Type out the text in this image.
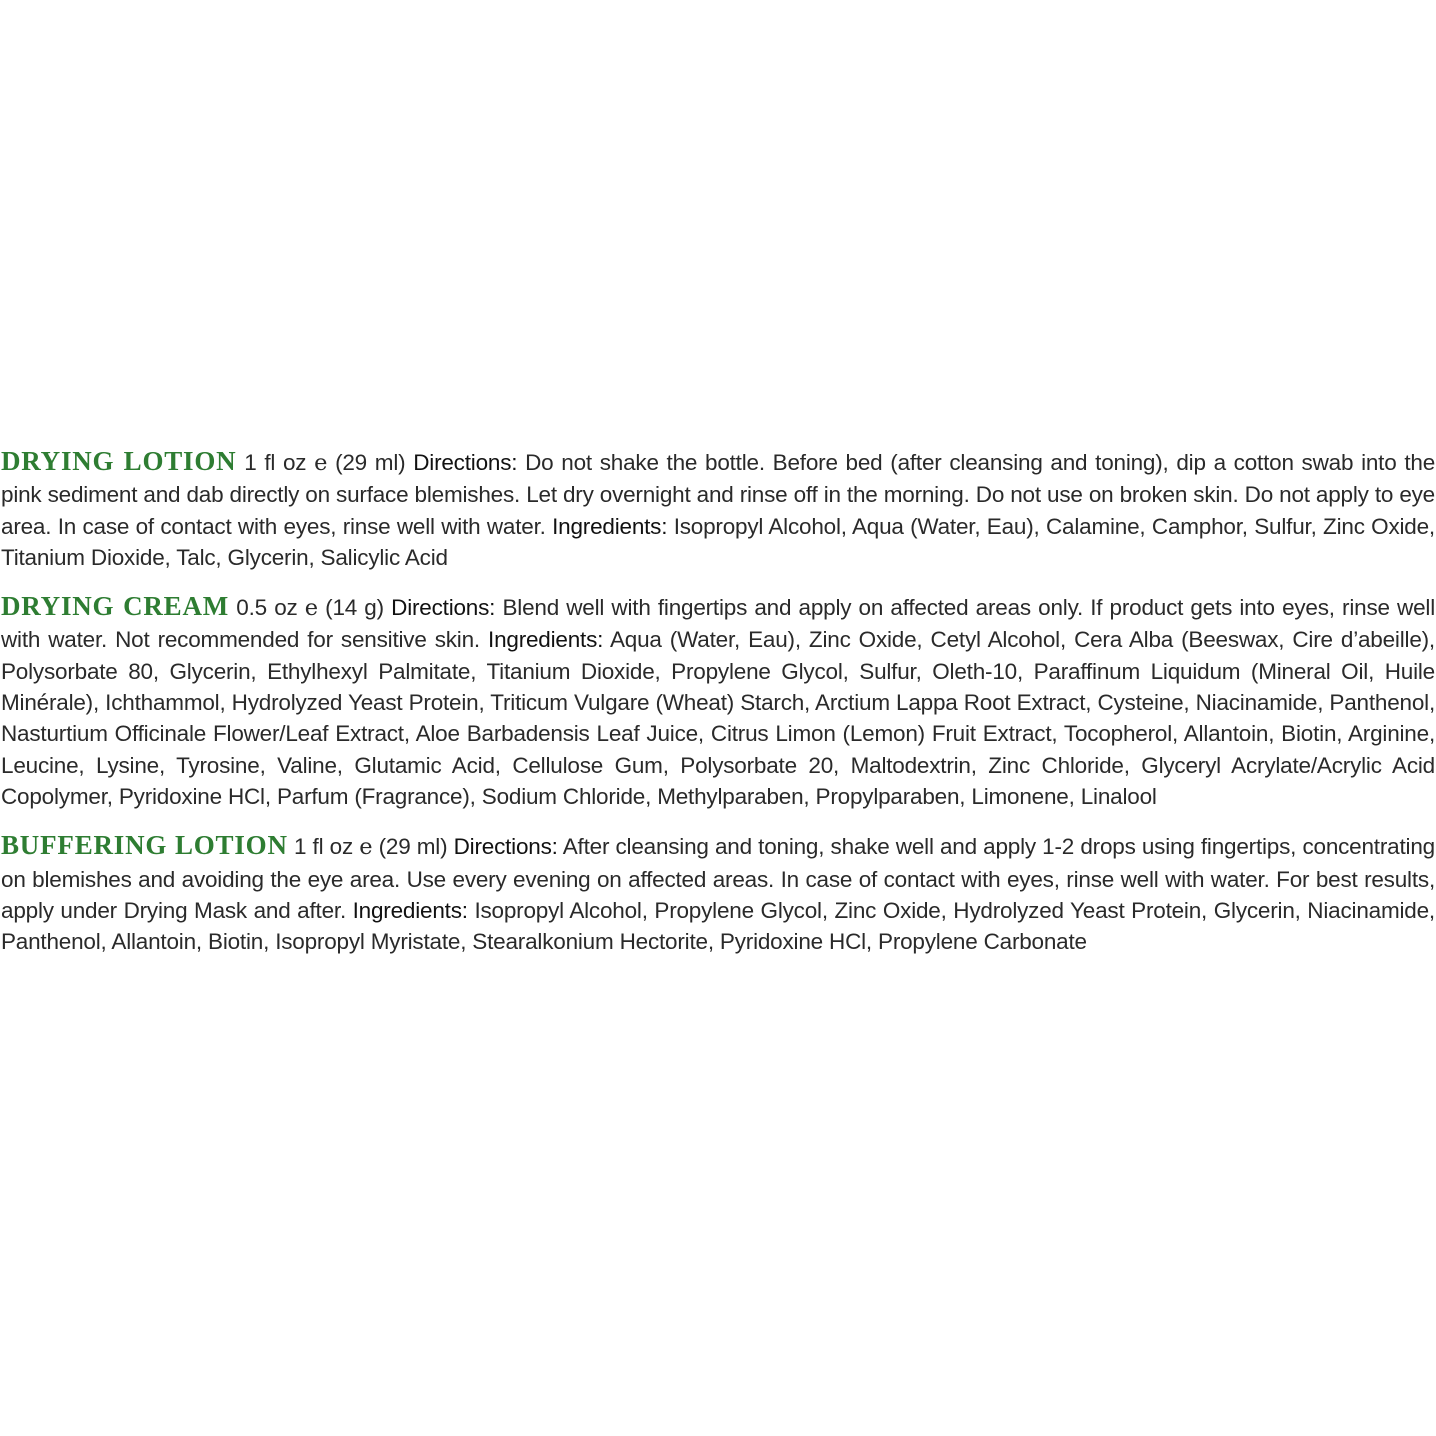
DRYING LOTION 1 fl oz e (29 ml) Directions: Do not shake the bottle. Before bed (after cleansing and toning), dip a cotton swab into the pink sediment and dab directly on surface blemishes. Let dry overnight and rinse off in the morning. Do not use on broken skin. Do not apply to eye area. In case of contact with eyes, rinse well with water. Ingredients: Isopropyl Alcohol, Aqua (Water, Eau), Calamine, Camphor, Sulfur, Zinc Oxide, Titanium Dioxide, Talc, Glycerin, Salicylic Acid

DRYING CREAM 0.5 oz e (14 g) Directions: Blend well with fingertips and apply on affected areas only. If product gets into eyes, rinse well with water. Not recommended for sensitive skin. Ingredients: Aqua (Water, Eau), Zinc Oxide, Cetyl Alcohol, Cera Alba (Beeswax, Cire d’abeille), Polysorbate 80, Glycerin, Ethylhexyl Palmitate, Titanium Dioxide, Propylene Glycol, Sulfur, Oleth-10, Paraffinum Liquidum (Mineral Oil, Huile Minérale), Ichthammol, Hydrolyzed Yeast Protein, Triticum Vulgare (Wheat) Starch, Arctium Lappa Root Extract, Cysteine, Niacinamide, Panthenol, Nasturtium Officinale Flower/Leaf Extract, Aloe Barbadensis Leaf Juice, Citrus Limon (Lemon) Fruit Extract, Tocopherol, Allantoin, Biotin, Arginine, Leucine, Lysine, Tyrosine, Valine, Glutamic Acid, Cellulose Gum, Polysorbate 20, Maltodextrin, Zinc Chloride, Glyceryl Acrylate/Acrylic Acid Copolymer, Pyridoxine HCl, Parfum (Fragrance), Sodium Chloride, Methylparaben, Propylparaben, Limonene, Linalool

BUFFERING LOTION 1 fl oz e (29 ml) Directions: After cleansing and toning, shake well and apply 1-2 drops using fingertips, concentrating on blemishes and avoiding the eye area. Use every evening on affected areas. In case of contact with eyes, rinse well with water. For best results, apply under Drying Mask and after. Ingredients: Isopropyl Alcohol, Propylene Glycol, Zinc Oxide, Hydrolyzed Yeast Protein, Glycerin, Niacinamide, Panthenol, Allantoin, Biotin, Isopropyl Myristate, Stearalkonium Hectorite, Pyridoxine HCl, Propylene Carbonate
